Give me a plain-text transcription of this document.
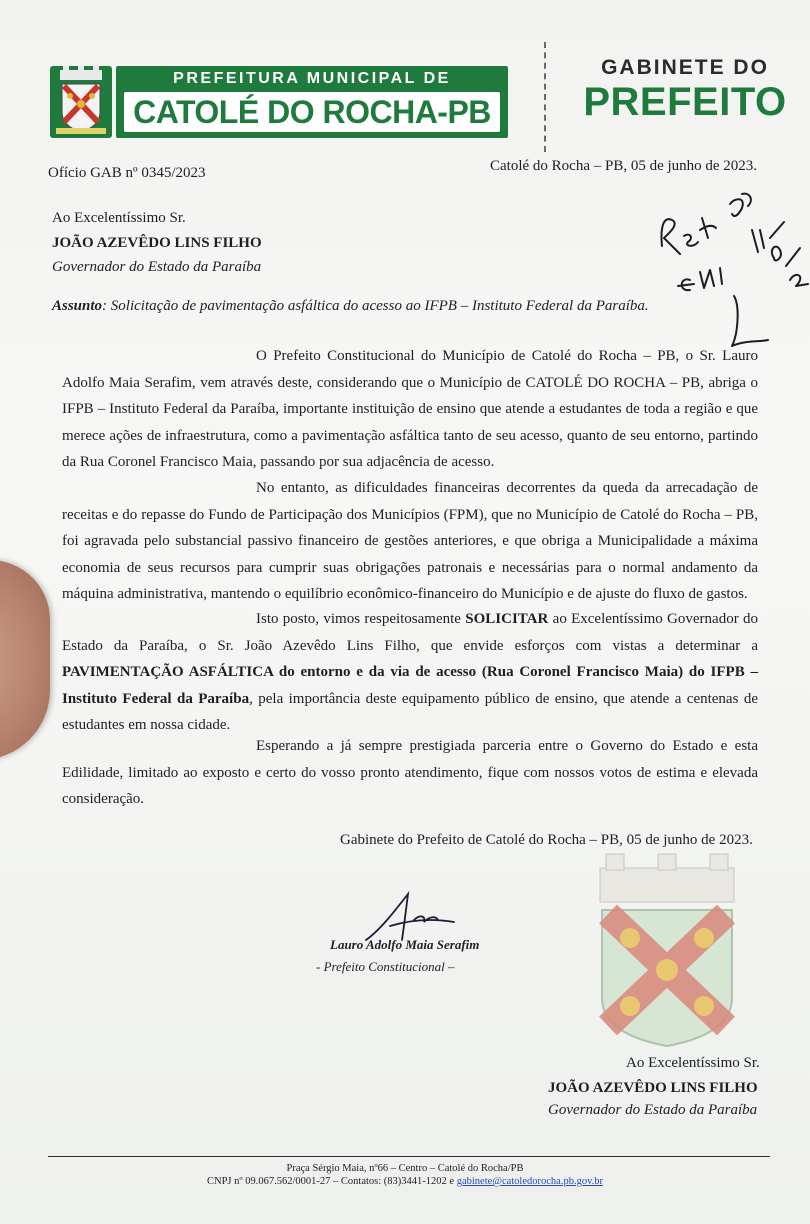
PREFEITURA MUNICIPAL DE
CATOLÉ DO ROCHA-PB
GABINETE DO
PREFEITO
Ofício GAB nº 0345/2023	Catolé do Rocha – PB, 05 de junho de 2023.
Ao Excelentíssimo Sr.
JOÃO AZEVÊDO LINS FILHO
Governador do Estado da Paraíba
Assunto: Solicitação de pavimentação asfáltica do acesso ao IFPB – Instituto Federal da Paraíba.
O Prefeito Constitucional do Município de Catolé do Rocha – PB, o Sr. Lauro
Adolfo Maia Serafim, vem através deste, considerando que o Município de CATOLÉ DO ROCHA – PB, abriga o
IFPB – Instituto Federal da Paraíba, importante instituição de ensino que atende a estudantes de toda a região e que
merece ações de infraestrutura, como a pavimentação asfáltica tanto de seu acesso, quanto de seu entorno, partindo
da Rua Coronel Francisco Maia, passando por sua adjacência de acesso.
No entanto, as dificuldades financeiras decorrentes da queda da arrecadação de
receitas e do repasse do Fundo de Participação dos Municípios (FPM), que no Município de Catolé do Rocha – PB,
foi agravada pelo substancial passivo financeiro de gestões anteriores, e que obriga a Municipalidade a máxima
economia de seus recursos para cumprir suas obrigações patronais e necessárias para o normal andamento da
máquina administrativa, mantendo o equilíbrio econômico-financeiro do Município e de ajuste do fluxo de gastos.
Isto posto, vimos respeitosamente SOLICITAR ao Excelentíssimo Governador do
Estado da Paraíba, o Sr. João Azevêdo Lins Filho, que envide esforços com vistas a determinar a
PAVIMENTAÇÃO ASFÁLTICA do entorno e da via de acesso (Rua Coronel Francisco Maia) do IFPB –
Instituto Federal da Paraíba, pela importância deste equipamento público de ensino, que atende a centenas de
estudantes em nossa cidade.
Esperando a já sempre prestigiada parceria entre o Governo do Estado e esta
Edilidade, limitado ao exposto e certo do vosso pronto atendimento, fique com nossos votos de estima e elevada
consideração.
Gabinete do Prefeito de Catolé do Rocha – PB, 05 de junho de 2023.
Lauro Adolfo Maia Serafim
- Prefeito Constitucional –
Ao Excelentíssimo Sr.
JOÃO AZEVÊDO LINS FILHO
Governador do Estado da Paraíba
Praça Sérgio Maia, nº66 – Centro – Catolé do Rocha/PB
CNPJ nº 09.067.562/0001-27 – Contatos: (83)3441-1202 e gabinete@catoledorocha.pb.gov.br
